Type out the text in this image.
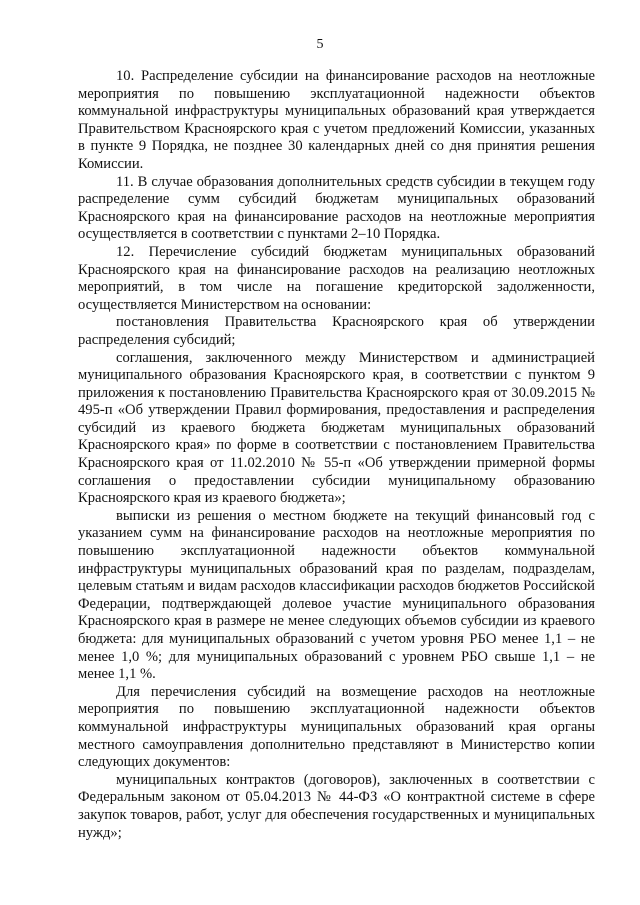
5

10. Распределение субсидии на финансирование расходов на неотложные мероприятия по повышению эксплуатационной надежности объектов коммунальной инфраструктуры муниципальных образований края утверждается Правительством Красноярского края с учетом предложений Комиссии, указанных в пункте 9 Порядка, не позднее 30 календарных дней со дня принятия решения Комиссии.

11. В случае образования дополнительных средств субсидии в текущем году распределение сумм субсидий бюджетам муниципальных образований Красноярского края на финансирование расходов на неотложные мероприятия осуществляется в соответствии с пунктами 2–10 Порядка.

12. Перечисление субсидий бюджетам муниципальных образований Красноярского края на финансирование расходов на реализацию неотложных мероприятий, в том числе на погашение кредиторской задолженности, осуществляется Министерством на основании:

постановления Правительства Красноярского края об утверждении распределения субсидий;

соглашения, заключенного между Министерством и администрацией муниципального образования Красноярского края, в соответствии с пунктом 9 приложения к постановлению Правительства Красноярского края от 30.09.2015 № 495-п «Об утверждении Правил формирования, предоставления и распределения субсидий из краевого бюджета бюджетам муниципальных образований Красноярского края» по форме в соответствии с постановлением Правительства Красноярского края от 11.02.2010 № 55-п «Об утверждении примерной формы соглашения о предоставлении субсидии муниципальному образованию Красноярского края из краевого бюджета»;

выписки из решения о местном бюджете на текущий финансовый год с указанием сумм на финансирование расходов на неотложные мероприятия по повышению эксплуатационной надежности объектов коммунальной инфраструктуры муниципальных образований края по разделам, подразделам, целевым статьям и видам расходов классификации расходов бюджетов Российской Федерации, подтверждающей долевое участие муниципального образования Красноярского края в размере не менее следующих объемов субсидии из краевого бюджета: для муниципальных образований с учетом уровня РБО менее 1,1 – не менее 1,0 %; для муниципальных образований с уровнем РБО свыше 1,1 – не менее 1,1 %.

Для перечисления субсидий на возмещение расходов на неотложные мероприятия по повышению эксплуатационной надежности объектов коммунальной инфраструктуры муниципальных образований края органы местного самоуправления дополнительно представляют в Министерство копии следующих документов:

муниципальных контрактов (договоров), заключенных в соответствии с Федеральным законом от 05.04.2013 № 44-ФЗ «О контрактной системе в сфере закупок товаров, работ, услуг для обеспечения государственных и муниципальных нужд»;
